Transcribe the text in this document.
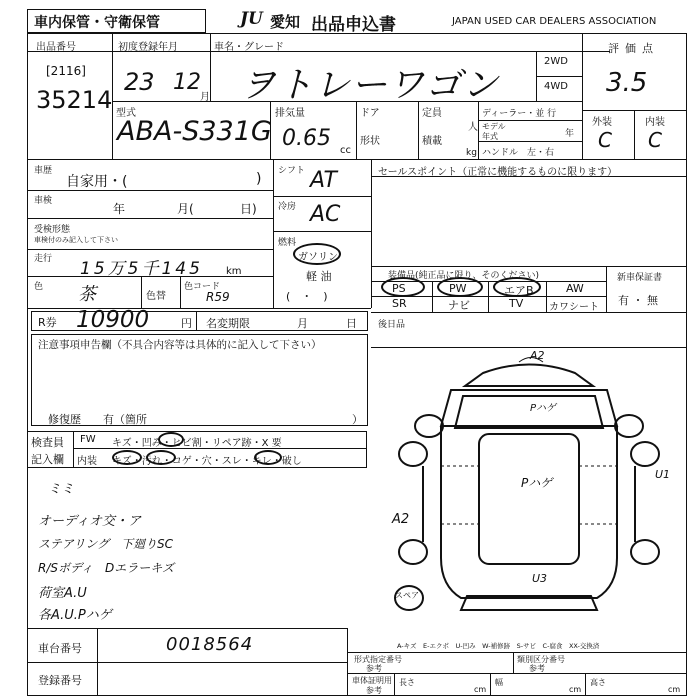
車内保管・守衛保管	JU 愛知 出品申込書	JAPAN USED CAR DEALERS ASSOCIATION
出品番号
[2116]
35214
初度登録年月
23 12
月
車名・グレード
ヲトレーワゴン
2WD
4WD
評価点
3.5
外装	内装
C C
型式
ABA-S331G
排気量
0.65 cc
ドア
形状
定員
人
積載
kg
ディーラー・並 行
モデル
年式	年
ハンドル　左・右
車歴
自家用・(	)
車検
年	月(	日)
受検形態
車検付のみ記入して下さい
走行 15万5千145 km
色 茶	色替
色コード
R59
シフト AT
冷房 AC
燃料
ガソリン
軽 油
(　・　)
セールスポイント（正常に機能するものに限ります）
装備品(純正品に限り、そのください)	新車保証書
有 ・ 無
PS	PW	エアB	AW
SR	ナビ	TV	カワシート
R券 10900	円 名変期限	月	日 後日品
注意事項申告欄（不具合内容等は具体的に記入して下さい）
修復歴　　有（箇所	）
検査員
記入欄
FW キズ・凹み・ヒビ割・リペア跡・X 要
内装 キズ・汚れ・コゲ・穴・スレ・キレ・破し
ミミ
オーディオ交・ア
ステアリング　下廻りSC
R/Sボディ　Dエラーキズ
荷室A.U
各A.U.Pハゲ
A2
A2
Pハゲ
Pハゲ
U1
U3
スペア
A-キズ　E-エクボ　U-凹み　W-補修跡　S-サビ　C-腐食　XX-交換済
車台番号	0018564
登録番号
形式指定番号
参考
類別区分番号
参考
車体証明用
参考
長さ
cm
幅
cm
高さ
cm
